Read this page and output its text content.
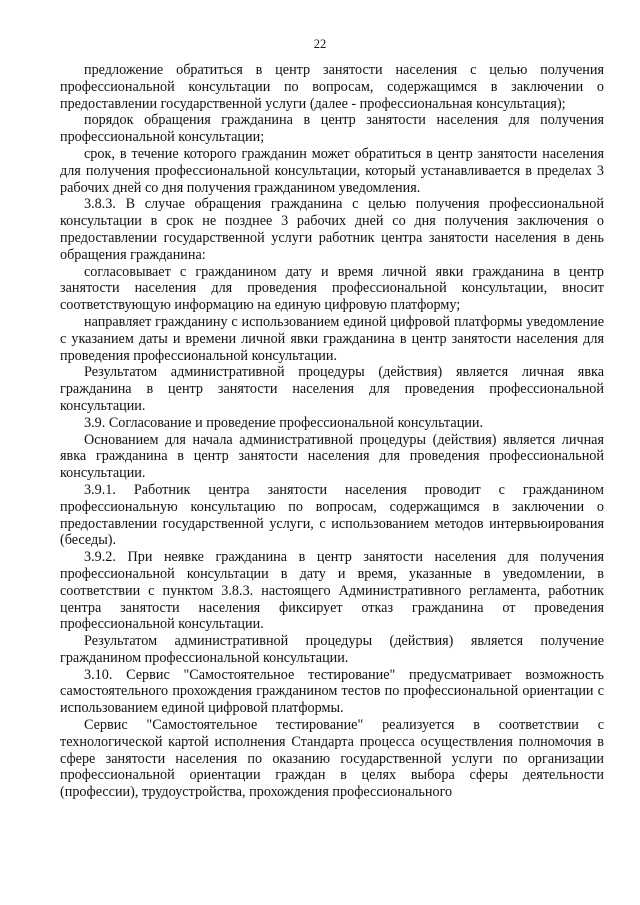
22

предложение обратиться в центр занятости населения с целью получения профессиональной консультации по вопросам, содержащимся в заключении о предоставлении государственной услуги (далее - профессиональная консультация);

порядок обращения гражданина в центр занятости населения для получения профессиональной консультации;

срок, в течение которого гражданин может обратиться в центр занятости населения для получения профессиональной консультации, который устанавливается в пределах 3 рабочих дней со дня получения гражданином уведомления.

3.8.3. В случае обращения гражданина с целью получения профессиональной консультации в срок не позднее 3 рабочих дней со дня получения заключения о предоставлении государственной услуги работник центра занятости населения в день обращения гражданина:

согласовывает с гражданином дату и время личной явки гражданина в центр занятости населения для проведения профессиональной консультации, вносит соответствующую информацию на единую цифровую платформу;

направляет гражданину с использованием единой цифровой платформы уведомление с указанием даты и времени личной явки гражданина в центр занятости населения для проведения профессиональной консультации.

Результатом административной процедуры (действия) является личная явка гражданина в центр занятости населения для проведения профессиональной консультации.

3.9. Согласование и проведение профессиональной консультации.

Основанием для начала административной процедуры (действия) является личная явка гражданина в центр занятости населения для проведения профессиональной консультации.

3.9.1. Работник центра занятости населения проводит с гражданином профессиональную консультацию по вопросам, содержащимся в заключении о предоставлении государственной услуги, с использованием методов интервьюирования (беседы).

3.9.2. При неявке гражданина в центр занятости населения для получения профессиональной консультации в дату и время, указанные в уведомлении, в соответствии с пунктом 3.8.3. настоящего Административного регламента, работник центра занятости населения фиксирует отказ гражданина от проведения профессиональной консультации.

Результатом административной процедуры (действия) является получение гражданином профессиональной консультации.

3.10. Сервис "Самостоятельное тестирование" предусматривает возможность самостоятельного прохождения гражданином тестов по профессиональной ориентации с использованием единой цифровой платформы.

Сервис "Самостоятельное тестирование" реализуется в соответствии с технологической картой исполнения Стандарта процесса осуществления полномочия в сфере занятости населения по оказанию государственной услуги по организации профессиональной ориентации граждан в целях выбора сферы деятельности (профессии), трудоустройства, прохождения профессионального
